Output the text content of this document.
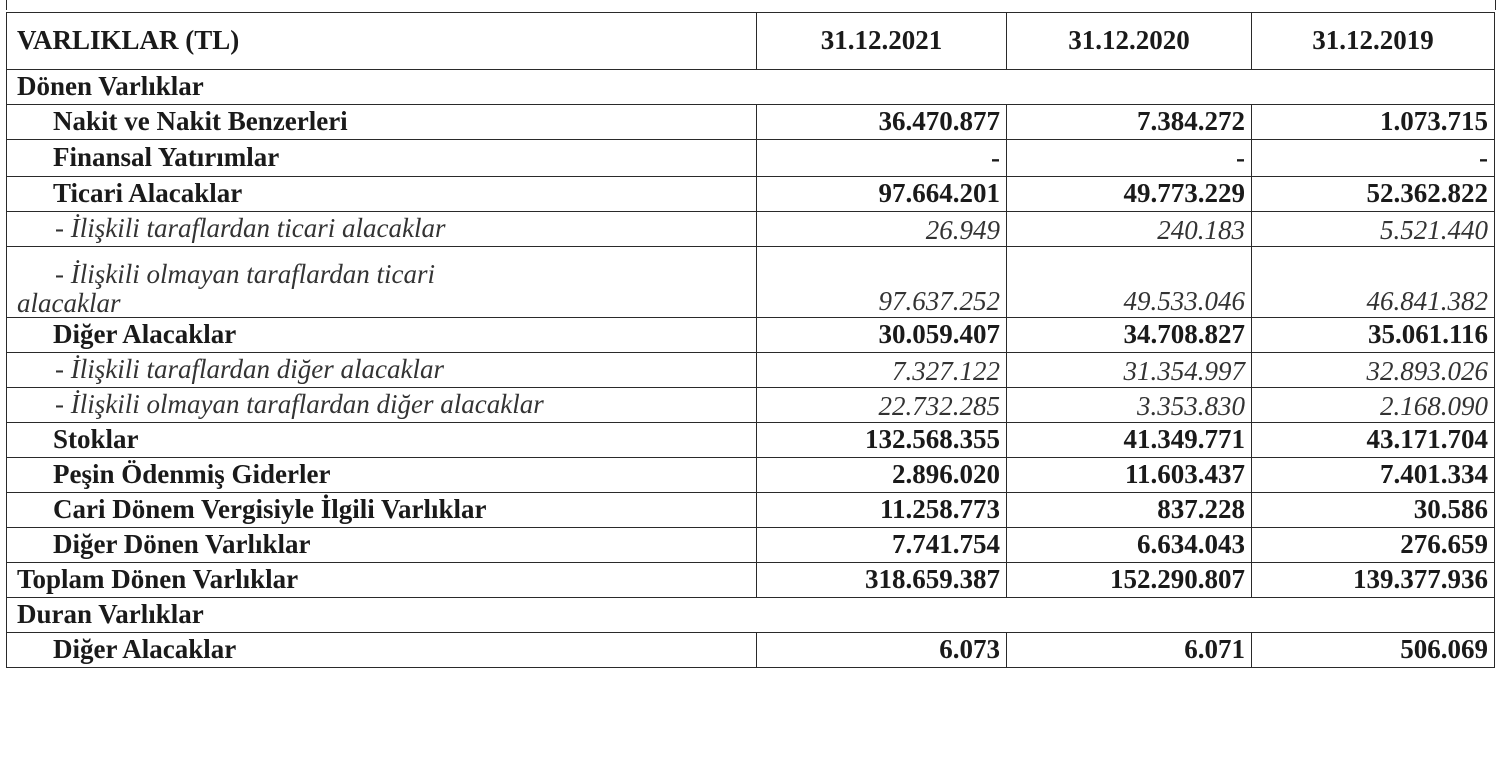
VARLIKLAR (TL)	31.12.2021	31.12.2020	31.12.2019
Dönen Varlıklar			
Nakit ve Nakit Benzerleri	36.470.877	7.384.272	1.073.715
Finansal Yatırımlar	-	-	-
Ticari Alacaklar	97.664.201	49.773.229	52.362.822
- İlişkili taraflardan ticari alacaklar	26.949	240.183	5.521.440

- İlişkili olmayan taraflardan ticari
alacaklar	97.637.252	49.533.046	46.841.382
Diğer Alacaklar	30.059.407	34.708.827	35.061.116
- İlişkili taraflardan diğer alacaklar	7.327.122	31.354.997	32.893.026
- İlişkili olmayan taraflardan diğer alacaklar	22.732.285	3.353.830	2.168.090
Stoklar	132.568.355	41.349.771	43.171.704
Peşin Ödenmiş Giderler	2.896.020	11.603.437	7.401.334
Cari Dönem Vergisiyle İlgili Varlıklar	11.258.773	837.228	30.586
Diğer Dönen Varlıklar	7.741.754	6.634.043	276.659
Toplam Dönen Varlıklar	318.659.387	152.290.807	139.377.936
Duran Varlıklar			
Diğer Alacaklar	6.073	6.071	506.069
